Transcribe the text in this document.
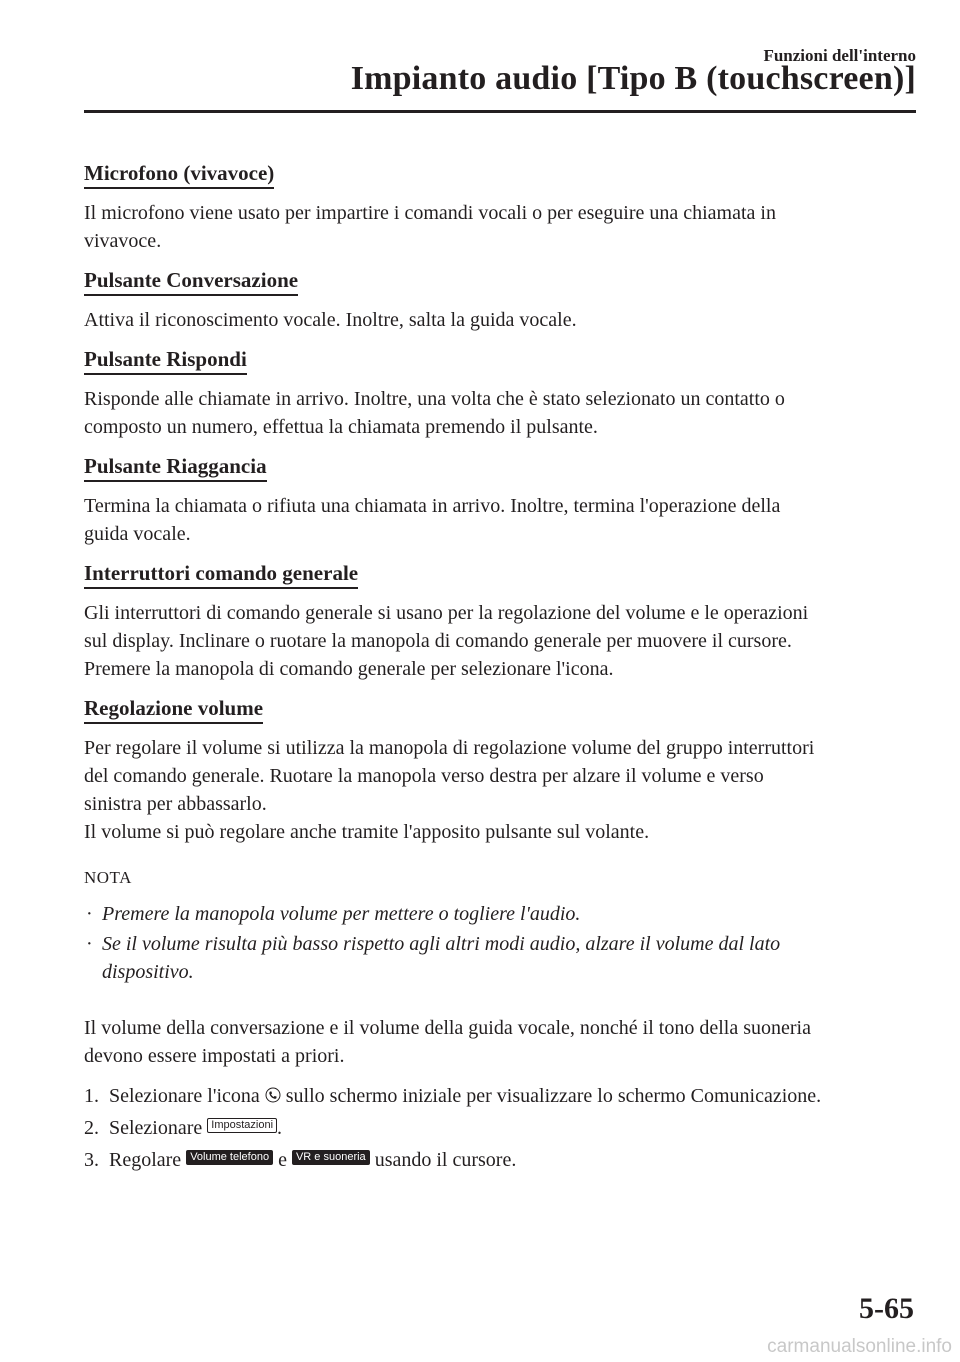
Funzioni dell'interno
Impianto audio [Tipo B (touchscreen)]
Microfono (vivavoce)

Il microfono viene usato per impartire i comandi vocali o per eseguire una chiamata in
vivavoce.

Pulsante Conversazione

Attiva il riconoscimento vocale. Inoltre, salta la guida vocale.

Pulsante Rispondi

Risponde alle chiamate in arrivo. Inoltre, una volta che è stato selezionato un contatto o
composto un numero, effettua la chiamata premendo il pulsante.

Pulsante Riaggancia

Termina la chiamata o rifiuta una chiamata in arrivo. Inoltre, termina l'operazione della
guida vocale.

Interruttori comando generale

Gli interruttori di comando generale si usano per la regolazione del volume e le operazioni
sul display. Inclinare o ruotare la manopola di comando generale per muovere il cursore.
Premere la manopola di comando generale per selezionare l'icona.

Regolazione volume

Per regolare il volume si utilizza la manopola di regolazione volume del gruppo interruttori
del comando generale. Ruotare la manopola verso destra per alzare il volume e verso
sinistra per abbassarlo.
Il volume si può regolare anche tramite l'apposito pulsante sul volante.

NOTA
· Premere la manopola volume per mettere o togliere l'audio.
· Se il volume risulta più basso rispetto agli altri modi audio, alzare il volume dal lato
dispositivo.

Il volume della conversazione e il volume della guida vocale, nonché il tono della suoneria
devono essere impostati a priori.

1. Selezionare l'icona sullo schermo iniziale per visualizzare lo schermo Comunicazione.
2. Selezionare Impostazioni .
3. Regolare Volume telefono e VR e suoneria usando il cursore.
5-65
carmanualsonline.info
